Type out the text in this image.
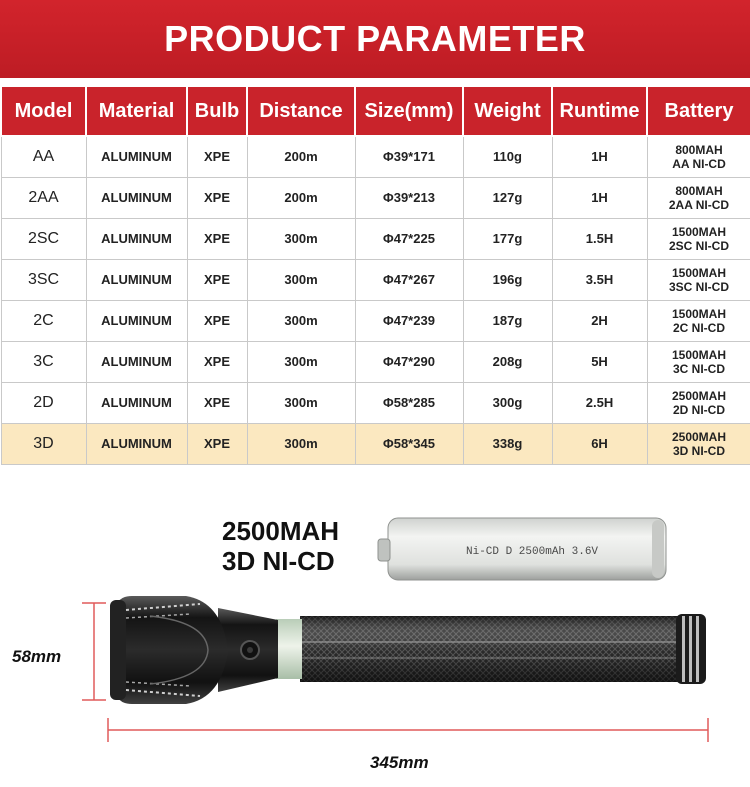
PRODUCT PARAMETER
Model	Material	Bulb	Distance	Size(mm)	Weight	Runtime	Battery
AA	ALUMINUM	XPE	200m	Φ39*171	110g	1H	800MAH
AA NI-CD
2AA	ALUMINUM	XPE	200m	Φ39*213	127g	1H	800MAH
2AA NI-CD
2SC	ALUMINUM	XPE	300m	Φ47*225	177g	1.5H	1500MAH
2SC NI-CD
3SC	ALUMINUM	XPE	300m	Φ47*267	196g	3.5H	1500MAH
3SC NI-CD
2C	ALUMINUM	XPE	300m	Φ47*239	187g	2H	1500MAH
2C NI-CD
3C	ALUMINUM	XPE	300m	Φ47*290	208g	5H	1500MAH
3C NI-CD
2D	ALUMINUM	XPE	300m	Φ58*285	300g	2.5H	2500MAH
2D NI-CD
3D	ALUMINUM	XPE	300m	Φ58*345	338g	6H	2500MAH
3D NI-CD
2500MAH
3D NI-CD	Ni-CD D 2500mAh 3.6V
58mm
345mm
